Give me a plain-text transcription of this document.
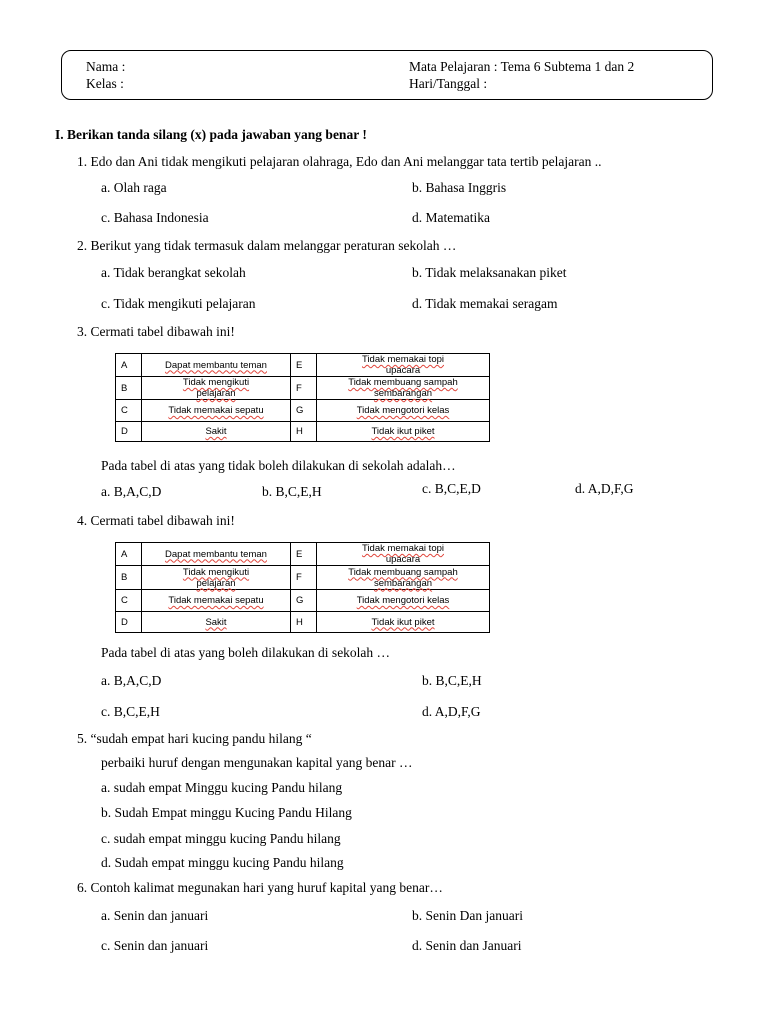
Nama :
Kelas :
Mata Pelajaran : Tema 6 Subtema 1 dan 2
Hari/Tanggal :
I. Berikan tanda silang (x) pada jawaban yang benar !
1. Edo dan Ani tidak mengikuti pelajaran olahraga, Edo dan Ani melanggar tata tertib pelajaran ..
a. Olah raga	b. Bahasa Inggris
c. Bahasa Indonesia	d. Matematika
2. Berikut yang tidak termasuk dalam melanggar peraturan sekolah …
a. Tidak berangkat sekolah	b. Tidak melaksanakan piket
c. Tidak mengikuti pelajaran	d. Tidak memakai seragam
3. Cermati tabel dibawah ini!
A	Dapat membantu teman	E	Tidak memakai topi
upacara
B	Tidak mengikuti
pelajaran	F	Tidak membuang sampah
sembarangan
C	Tidak memakai sepatu	G	Tidak mengotori kelas
D	Sakit	H	Tidak ikut piket
Pada tabel di atas yang tidak boleh dilakukan di sekolah adalah…
a. B,A,C,D	b. B,C,E,H	c. B,C,E,D	d. A,D,F,G
4. Cermati tabel dibawah ini!
A	Dapat membantu teman	E	Tidak memakai topi
upacara
B	Tidak mengikuti
pelajaran	F	Tidak membuang sampah
sembarangan
C	Tidak memakai sepatu	G	Tidak mengotori kelas
D	Sakit	H	Tidak ikut piket
Pada tabel di atas yang boleh dilakukan di sekolah …
a. B,A,C,D	b. B,C,E,H
c. B,C,E,H	d. A,D,F,G
5. “sudah empat hari kucing pandu hilang “
perbaiki huruf dengan mengunakan kapital yang benar …
a. sudah empat Minggu kucing Pandu hilang
b. Sudah Empat minggu Kucing Pandu Hilang
c. sudah empat minggu kucing Pandu hilang
d. Sudah empat minggu kucing Pandu hilang
6. Contoh kalimat megunakan hari yang huruf kapital yang benar…
a. Senin dan januari	b. Senin Dan januari
c. Senin dan januari	d. Senin dan Januari
